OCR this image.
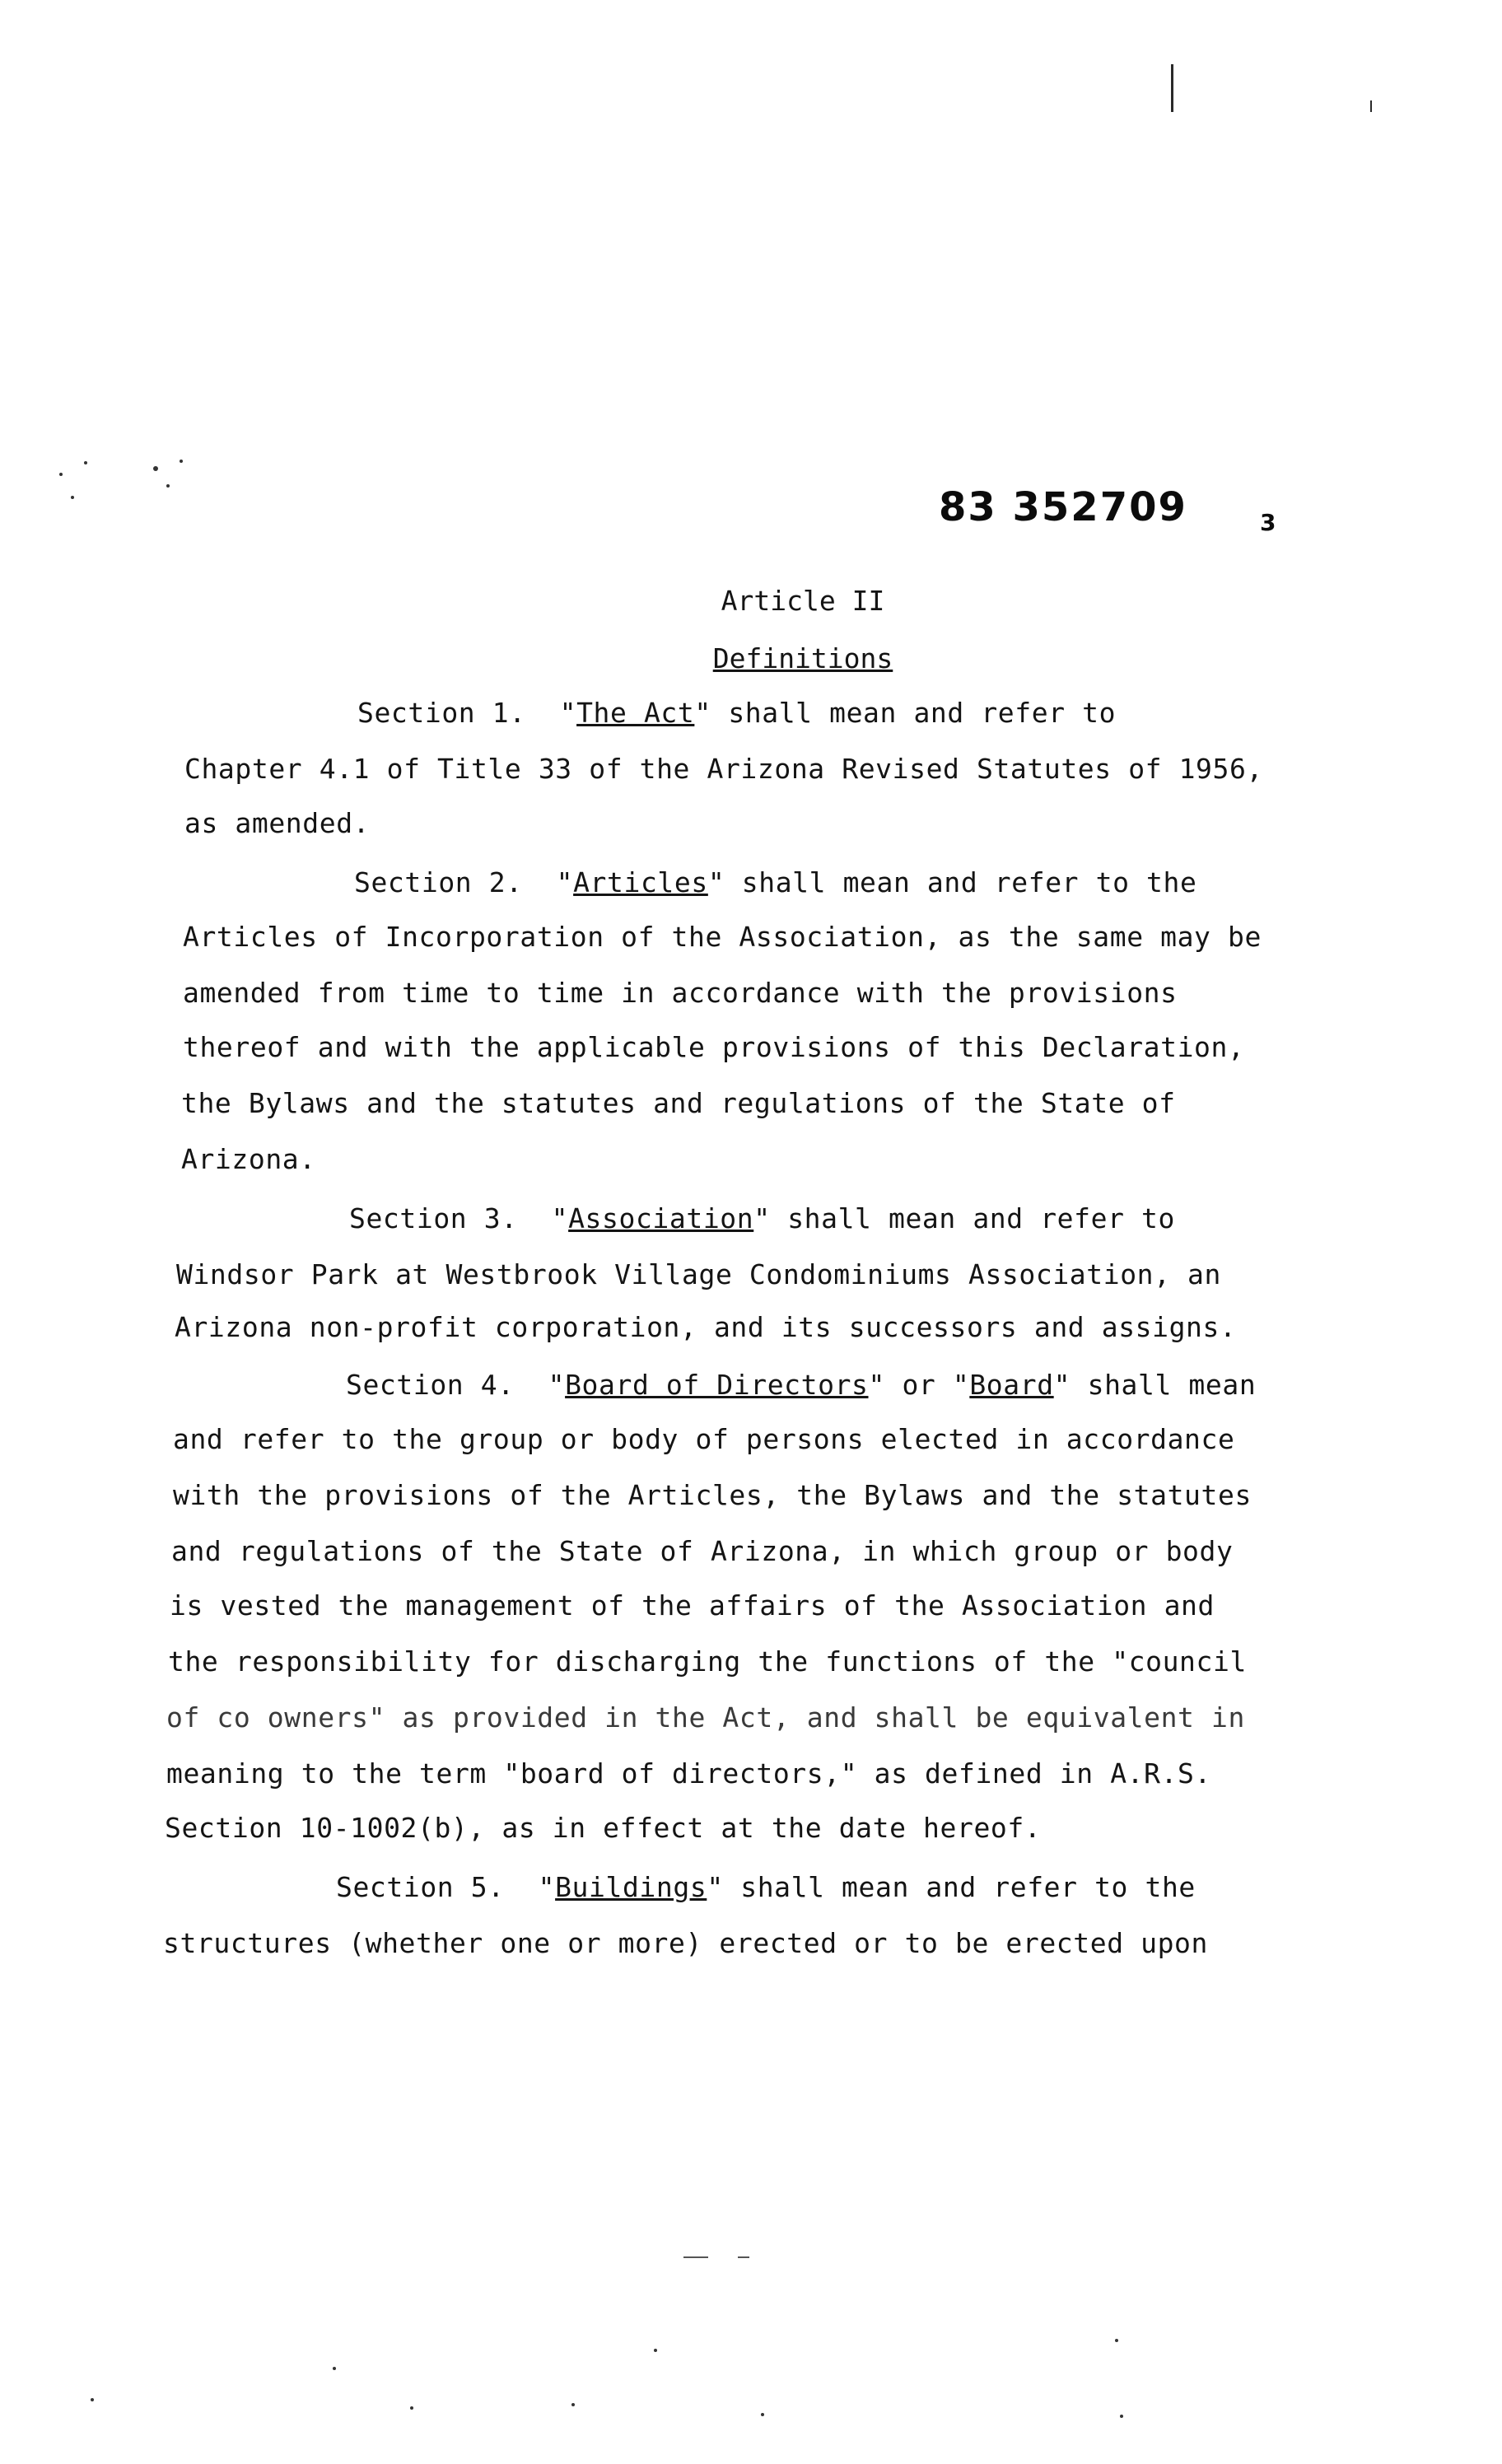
83 352709	3
Article II
Definitions
Section 1.  "The Act" shall mean and refer to
Chapter 4.1 of Title 33 of the Arizona Revised Statutes of 1956,
as amended.
Section 2.  "Articles" shall mean and refer to the
Articles of Incorporation of the Association, as the same may be
amended from time to time in accordance with the provisions
thereof and with the applicable provisions of this Declaration,
the Bylaws and the statutes and regulations of the State of
Arizona.
Section 3.  "Association" shall mean and refer to
Windsor Park at Westbrook Village Condominiums Association, an
Arizona non-profit corporation, and its successors and assigns.
Section 4.  "Board of Directors" or "Board" shall mean
and refer to the group or body of persons elected in accordance
with the provisions of the Articles, the Bylaws and the statutes
and regulations of the State of Arizona, in which group or body
is vested the management of the affairs of the Association and
the responsibility for discharging the functions of the "council
of co owners" as provided in the Act, and shall be equivalent in
meaning to the term "board of directors," as defined in A.R.S.
Section 10-1002(b), as in effect at the date hereof.
Section 5.  "Buildings" shall mean and refer to the
structures (whether one or more) erected or to be erected upon
